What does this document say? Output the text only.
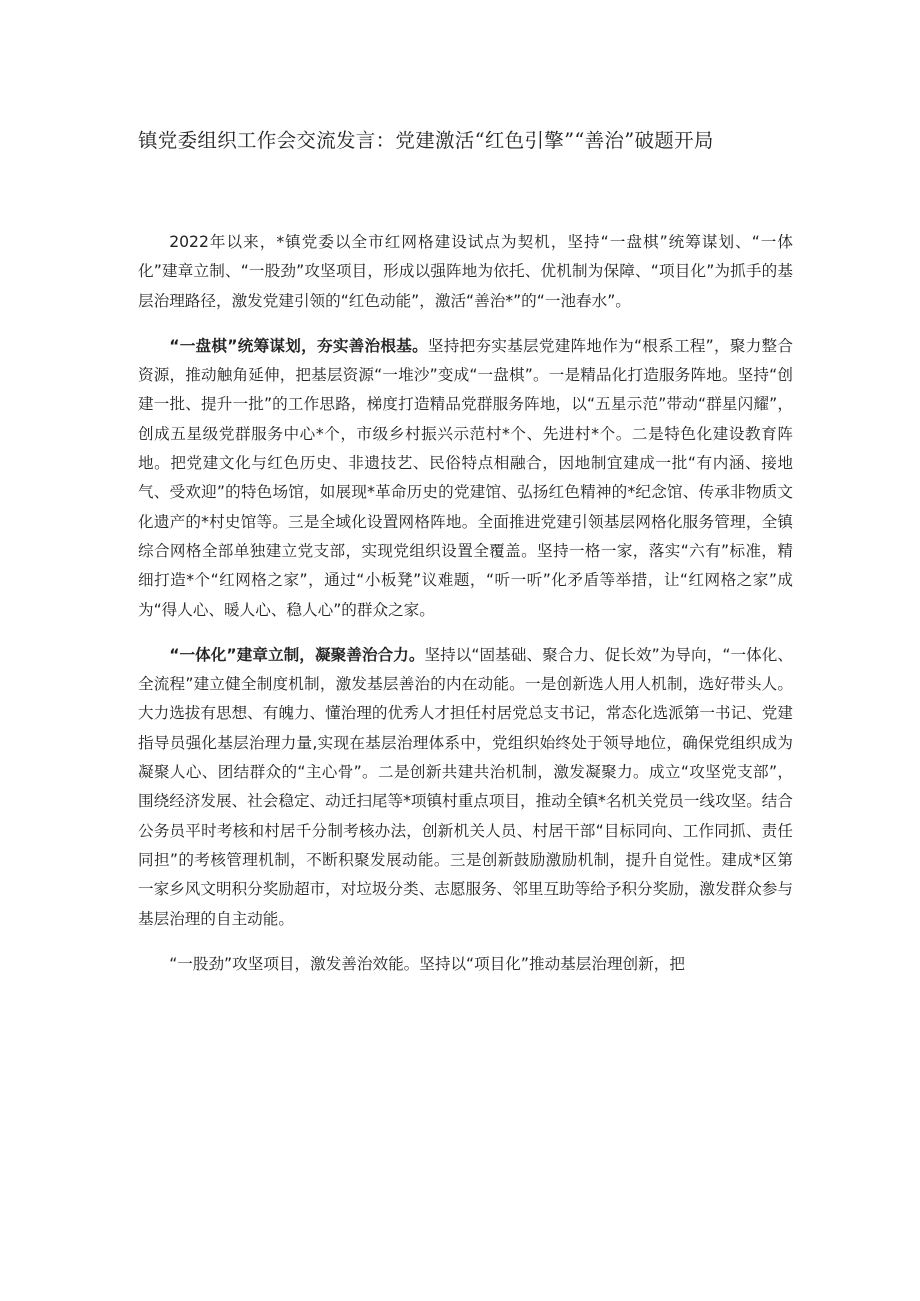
镇党委组织工作会交流发言：党建激活“红色引擎”“善治”破题开局

2022年以来，*镇党委以全市红网格建设试点为契机，坚持“一盘棋”统筹谋划、“一体化”建章立制、“一股劲”攻坚项目，形成以强阵地为依托、优机制为保障、“项目化”为抓手的基层治理路径，激发党建引领的“红色动能”，激活“善治*”的“一池春水”。

“一盘棋”统筹谋划，夯实善治根基。坚持把夯实基层党建阵地作为“根系工程”，聚力整合资源，推动触角延伸，把基层资源“一堆沙”变成“一盘棋”。一是精品化打造服务阵地。坚持“创建一批、提升一批”的工作思路，梯度打造精品党群服务阵地，以“五星示范”带动“群星闪耀”，创成五星级党群服务中心*个，市级乡村振兴示范村*个、先进村*个。二是特色化建设教育阵地。把党建文化与红色历史、非遗技艺、民俗特点相融合，因地制宜建成一批“有内涵、接地气、受欢迎”的特色场馆，如展现*革命历史的党建馆、弘扬红色精神的*纪念馆、传承非物质文化遗产的*村史馆等。三是全域化设置网格阵地。全面推进党建引领基层网格化服务管理，全镇综合网格全部单独建立党支部，实现党组织设置全覆盖。坚持一格一家，落实“六有”标准，精细打造*个“红网格之家”，通过“小板凳”议难题，“听一听”化矛盾等举措，让“红网格之家”成为“得人心、暖人心、稳人心”的群众之家。

“一体化”建章立制，凝聚善治合力。坚持以“固基础、聚合力、促长效”为导向，“一体化、全流程”建立健全制度机制，激发基层善治的内在动能。一是创新选人用人机制，选好带头人。大力选拔有思想、有魄力、懂治理的优秀人才担任村居党总支书记，常态化选派第一书记、党建指导员强化基层治理力量,实现在基层治理体系中，党组织始终处于领导地位，确保党组织成为凝聚人心、团结群众的“主心骨”。二是创新共建共治机制，激发凝聚力。成立“攻坚党支部”，围绕经济发展、社会稳定、动迁扫尾等*项镇村重点项目，推动全镇*名机关党员一线攻坚。结合公务员平时考核和村居千分制考核办法，创新机关人员、村居干部“目标同向、工作同抓、责任同担”的考核管理机制，不断积聚发展动能。三是创新鼓励激励机制，提升自觉性。建成*区第一家乡风文明积分奖励超市，对垃圾分类、志愿服务、邻里互助等给予积分奖励，激发群众参与基层治理的自主动能。

“一股劲”攻坚项目，激发善治效能。坚持以“项目化”推动基层治理创新，把
